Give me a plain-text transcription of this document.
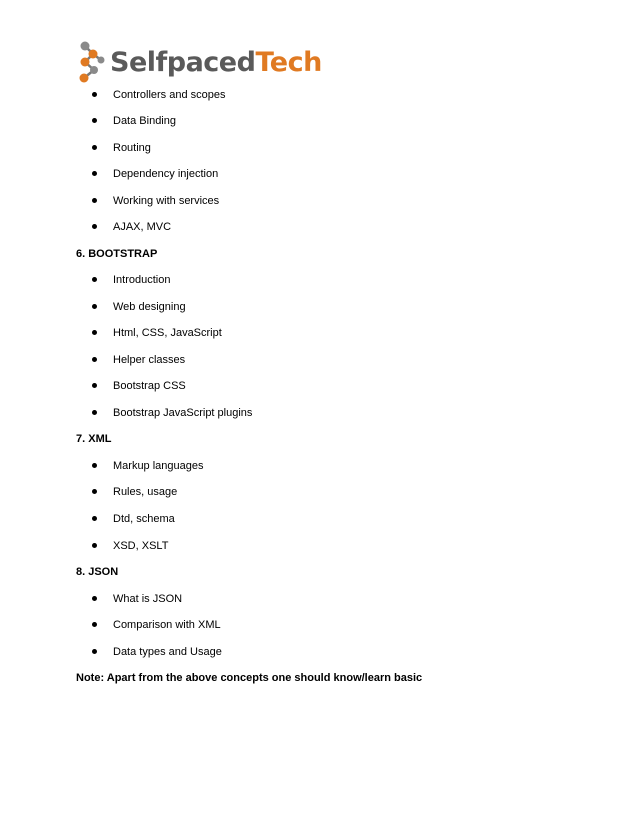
SelfpacedTech
Controllers and scopes
Data Binding
Routing
Dependency injection
Working with services
AJAX, MVC
6. BOOTSTRAP
Introduction
Web designing
Html, CSS, JavaScript
Helper classes
Bootstrap CSS
Bootstrap JavaScript plugins
7. XML
Markup languages
Rules, usage
Dtd, schema
XSD, XSLT
8. JSON
What is JSON
Comparison with XML
Data types and Usage
Note: Apart from the above concepts one should know/learn basic
